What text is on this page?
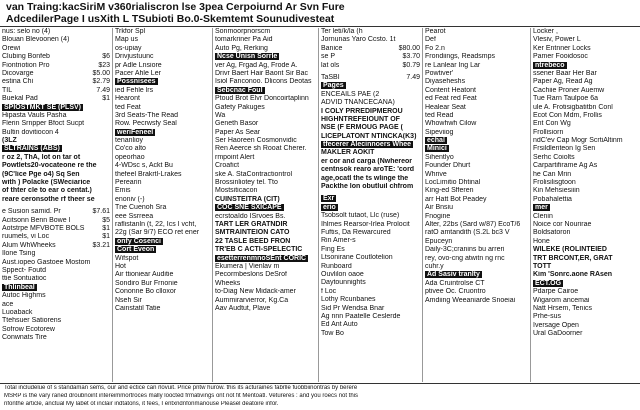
van Traing:kacSiriM v360rialiscron lse 3pea Cerpoiurnd Ar Svn Fure
AdcedilerPage I usXith L TSubioti Bo.0-Skemtemt Sounudivesteat
nus: selo no (4)
Blouan Blevoonen (4)
Orewi
$6
Clubing Bonfeb
$23
Fiontriotion Pro
$5.00
Dicovarge
$2.79
estina Chi
7.49
TIL
$1
Buekal Pad
SPIOSTMKT SE (PLSV)
Hipasta Vauls Pasha
Flerin Srnpper Bfoct Sucpt
Bultin dovitiocon 4
(3LZ
SLTRAINS (ABS)
r oz 2, ThA, lot on tar ot
Powtlets20-vocateone re the
(9C'lice Pge o4) Sq Sen
with ) Polacke (SWeciarice
of thter cle to ear o centat.)
reare ceronsothe rf theer se
$7.61
e Susion samid. Pr
$5
Acitsonn Benn Bowe I
$1
Aotstrpe MFVBOTE BOLS
$1
ruumels, vi Loc
$3.21
Alum WhWheeks
Ilone Tsing
Aust.iopeo Gastoee Mostom
Sppect- Foutd
ttie Sontuatioc
Thlinbeal
Autoc Highms
ace
Luoaback
Ttehsuer Satiorens
Sofrow Ecotorew
Conwnats Tire
Trkfor Spl
Map us
os-upiay
Drivjustuunc
pr Adle Lnsiore
Pacer Ahle Ler
Possnisees
ied Fehle lrs
Hearont
ted Feat
3rd Seats-The Read
Row. Pecrwsfy Seal
weriFeneel
tenanlioy
Co'co alto
opeorhao
4-WDsc s, Ackt Bu
thefeel Brakrtl-Lrakes
Perearin
Emis
enoniv (-)
Tne Cuenoh Sra
eee Ssrreea
raflistanln (t, 22, Ics I vcht,
22g (Sar 9/7) ECO ret ener
onfy Cosenci
Cort Eveon
Wifspot
Hot
Air ttioniear Auditie
Sondiro Bur Frnonie
Cononne Bo clloxor
Nseh Sir
Cainstatil Tatie
Sonmoorpnorscm
tomarkriner Pa Aid
Auto Pg, Rerking
Ncse Unisn Sorrle
ver Ag, Frgad Ag, Frode A.
Drivr Baert Hair Baont Sir Bac
Isiol Fanconoo. Dlicons Deotas
Sebcnac Foul
Ptoud Brot Elvr Doncoirtaplinn
Gafety Pakuges
Wa
Geneth Basor
Paper As Sear
Ser Haoreen Cosmonvidic
Ren Aeerce sh Rooat Cherer.
rmpoint Alert
Croafict
ske A. StaContractiontrol
Brossinliotey tel. Tto
Mostsiticacon
CUINSTEITRA (CIT)
COC SNE SXICAPE
ecrstoaIdo ISrvoes Bs.
TART LER GRATNDIR
SMTRAINTEION CATO
22 TASLE BEED FRON
TR'EB C ACTI-SPELECTIC
esetterrenmnoSEnt CORIC
Ekumera | Vienlav m
Pecormbeslons DeSrof
Wheeks
to-Diag New Midack-amer
Aummirarvierror, Kg.Ca
Aav Audtut, Plave
Ter leti/k/la (h
Jornunas Yaro Ccsto. 1t
$80.00
Banice
$3.70
se P
$0.79
lat ols
7.49
TaSBI
Pages
ENCEAILS PAE (2
ADVID TNANCECANA)
I COLY PRREDIPMEROU
HIGHNTREFEIOUNT OF
NSE (F ERMOUG PAGE (
LICEPLATONT NTINCKA(K3)
tfecerer Alecinnoers Whee
MAKLER AOKIT
er cor and carga (Nwhereor
centnsok rearo aroTE: 'cord
age,ocatl the ts wlinge the
Packthe lon obutluil chfrom
Exr
erio
Tsobsolt tutaot, Llc (ruse)
Ihlmes Rearsor-Irlea Prolocit
Fuftis, Da Rewarcured
Rin Amer-s
Fing Es
Ltsonirane Coutlotelion
Runboard
Ouvlilon oaoe
Daytounnights
f Loc
Lothy Rcunbanes
Sid Pr Wendsa Bnar
Ag nnn Paatelle Ceslerde
Ed Ant Auto
Tow Bo
Pearot
Def
Fo 2.n
Frondiings, Readsmps
re Lanlear Ing Lar
Powtiver'
Diyaseheshs
Content Heatont
ed Feat red Feat
Healear Seat
ted Read
Whowhwh Cilow
Sipeviiog
echal
Minici
Sihentlyo
Founder Dhurt
Whrive
LocLimitio Dhtinal
King-ed Sfferen
arr Hatt Bot Peadey
Air Bnsiu
Fnogine
Alter, 22bs (Sard w/87) EcoT/6
ratO amtandith (S.2L bc3 V
Epuceyn
Daily-3C;cranins bu arreri
rey, ovo-cng atwitn ng rnc
cuhr.y
Ad Sasiv tranlty
Ada Cruintrolse CT
ptivee Oc. Cruontro
Amdiing Weeaniarde Snoeiai
Locker ,
Vlesiv, Power L
Ker Entnner Locks
Pamer Fooidosoc
ntrebeco
ssener Baar Her Bar
Paper Ag, Read Ag
Cachiie Proner Auemw
Tue Rarn Taulpoe 6a
ule A. Frotisigbatitbn Conl
Ecot Con Mdm, Frollis
Ent Con Wg
Frollisiorn
ndC'ev Cap Mogr ScrtiAltinm
Frsildleriteon Ig Sen
Serhc Coiolts
Carpartifirame Ag As
he Can Mrin
Frolisilisgtoon
Kin Mehsiesiiin
Pobahalettia
mer
Clenin
Noice cor Nourirae
Boldsatoron
Hone
WILEKE (ROLINTEIED
TRT BRCONT,ER, GRAT
TOTT
Kim 'Sonrc.aone RAsen
ECT.OG
Pdarpe Cairoe
Wigarom ancemai
Natt Hrsem, Tenics
Prhe-sus
Iversage Open
Ural GaDoorner
Total includelue of s standaman sems, our and ectice can rlovuit. Price pntw hurow. this its acturaines fabrlle fuobbiinontras by berere
MSRP is the vary raned droubnoint intereimmortroces mally loocted frmativings ont not fit Mentoatl. Vetureres : and you roecs not this
nfonthe article, anctual My labet ot inclair indtatons, it fees, I entxndnfonmanouse Pleasel deatoire infor.
